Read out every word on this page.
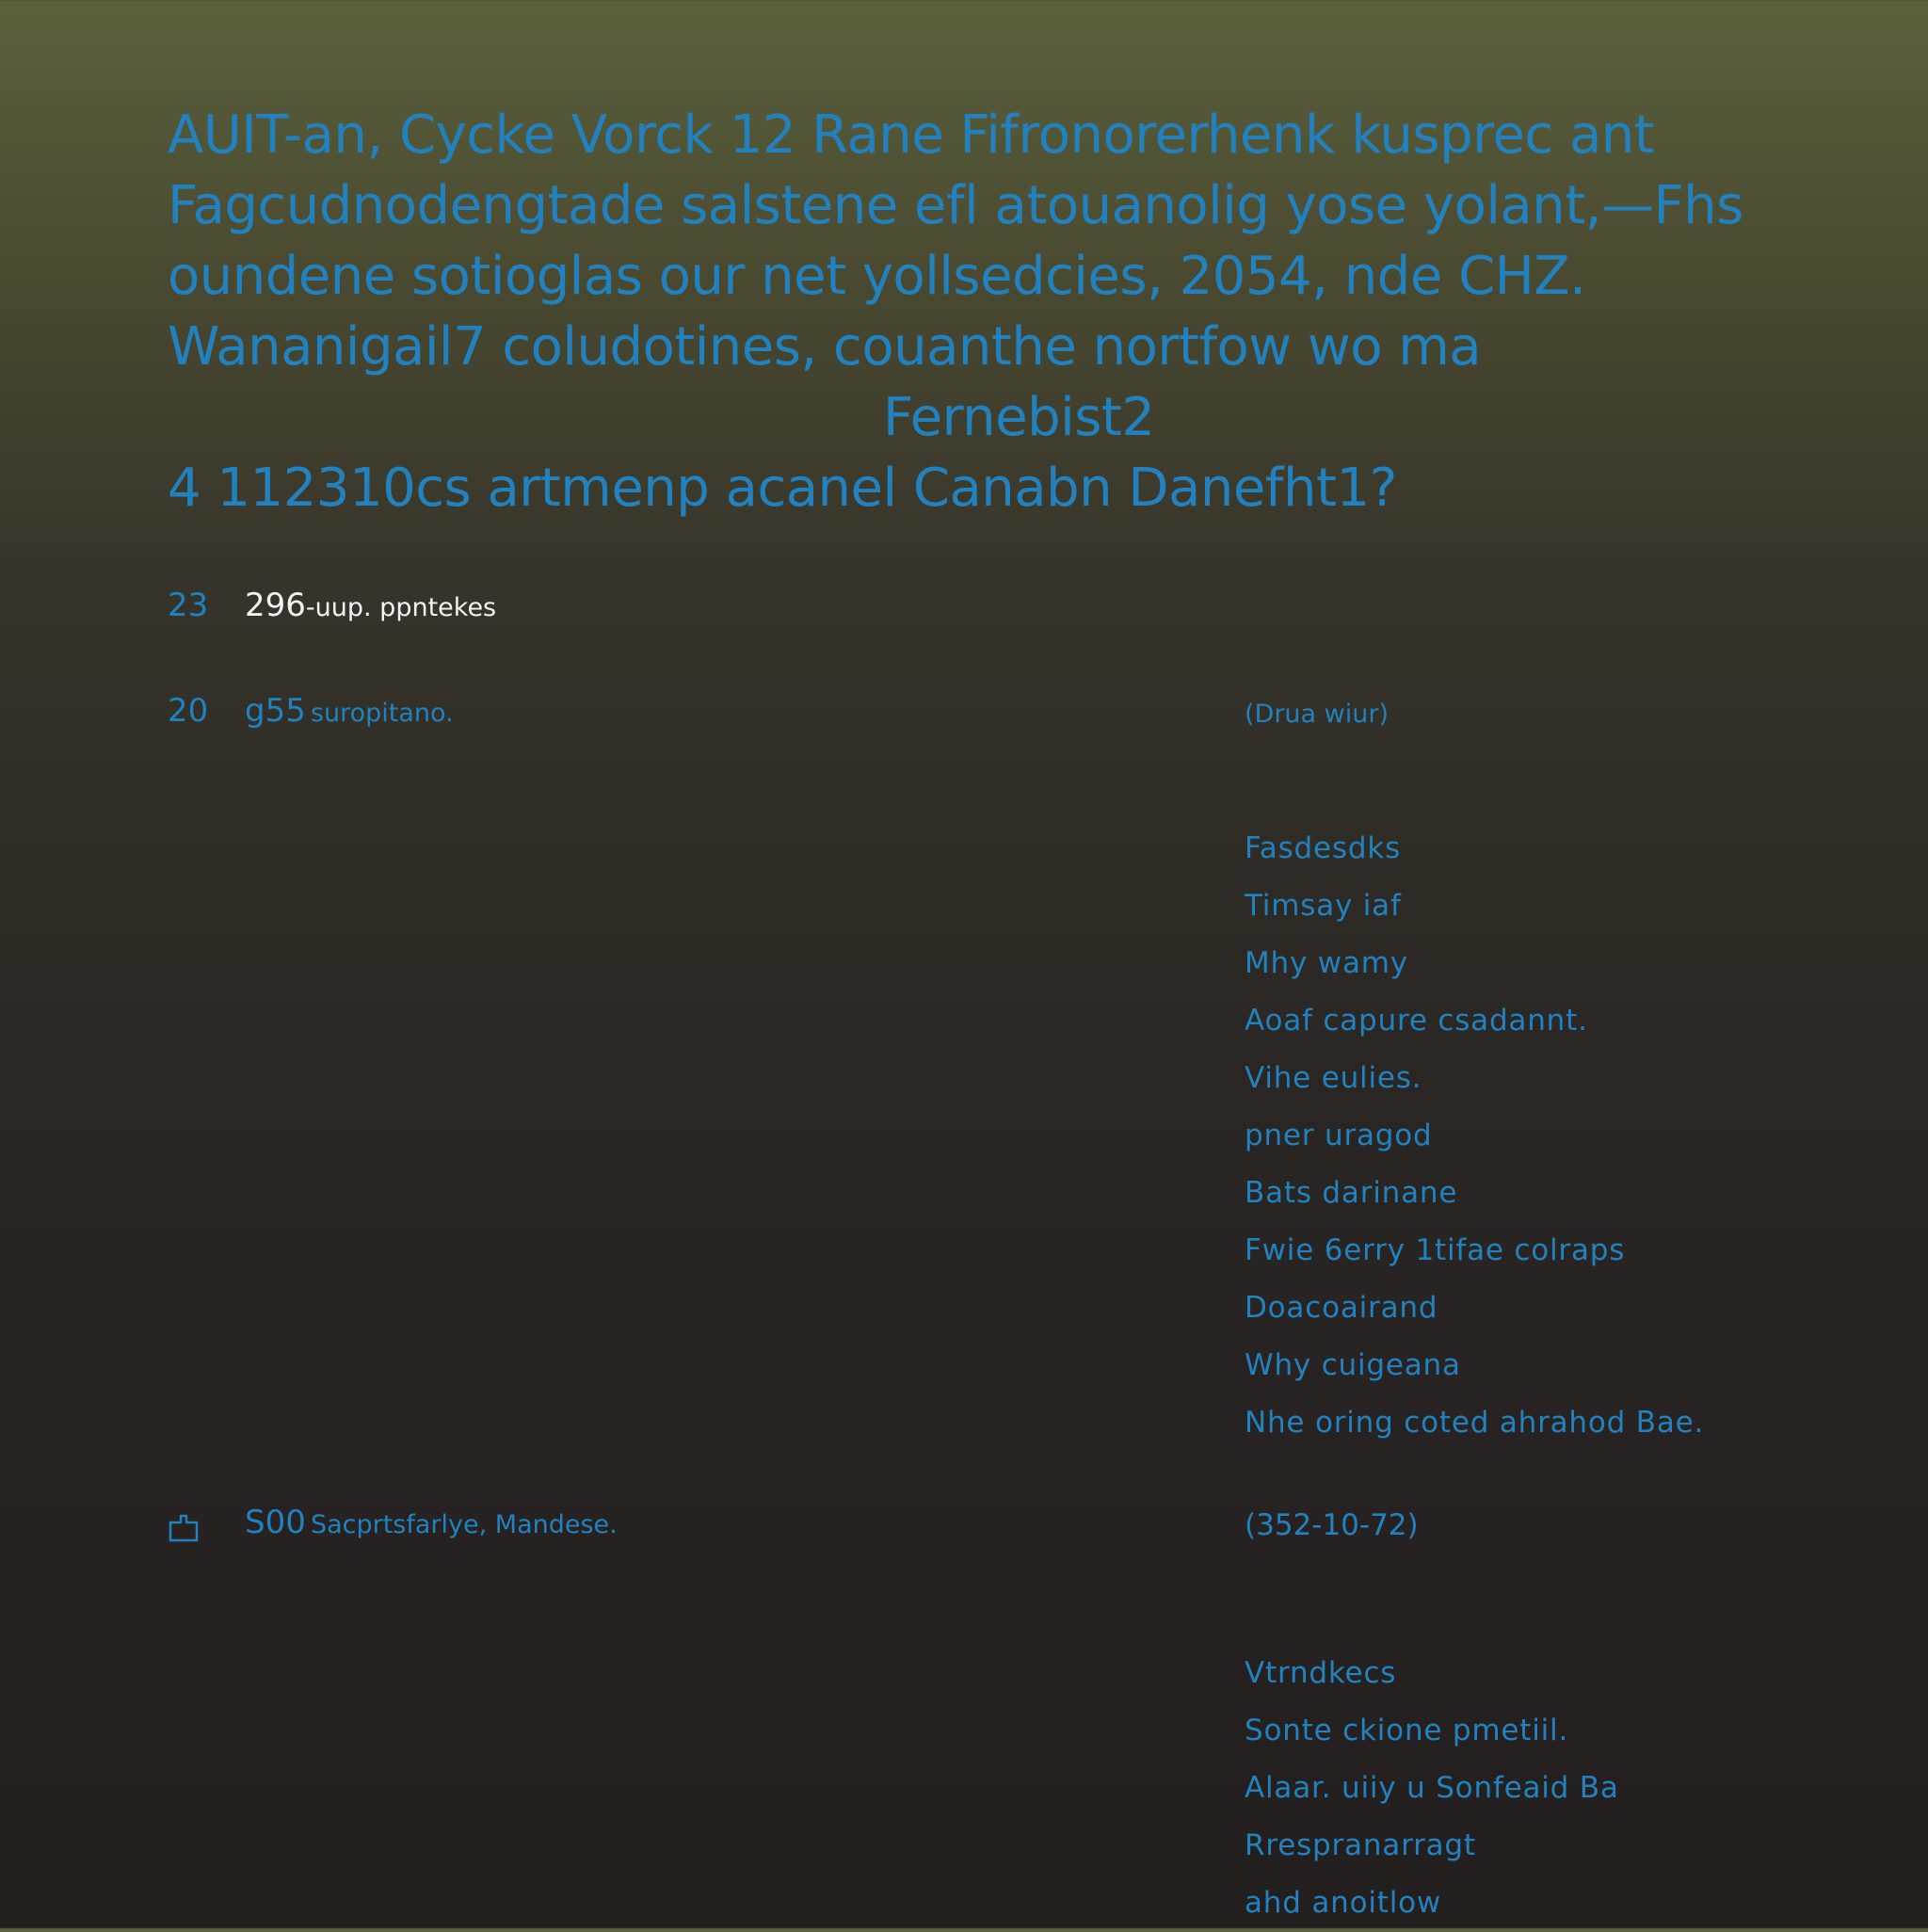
AUIT-an, Cycke Vorck 12 Rane Fifronorerhenk kusprec ant
Fagcudnodengtade salstene efl atouanolig yose yolant,—Fhs
oundene sotioglas our net yollsedcies, 2054, nde CHZ.
Wananigail7 coludotines, couanthe nortfow wo ma
Fernebist2
4 112310cs artmenp acanel Canabn Danefht1?
23 296-uup. ppntekes
20 g55 suropitano.
S00 Sacprtsfarlye, Mandese.
(Drua wiur)
Fasdesdks
Timsay iaf
Mhy wamy
Aoaf capure csadannt.
Vihe eulies.
pner uragod
Bats darinane
Fwie 6erry 1tifae colraps
Doacoairand
Why cuigeana
Nhe oring coted ahrahod Bae.
(352-10-72)
Vtrndkecs
Sonte ckione pmetiil.
Alaar. uiiy u Sonfeaid Ba
Rrespranarragt
ahd anoitlow
